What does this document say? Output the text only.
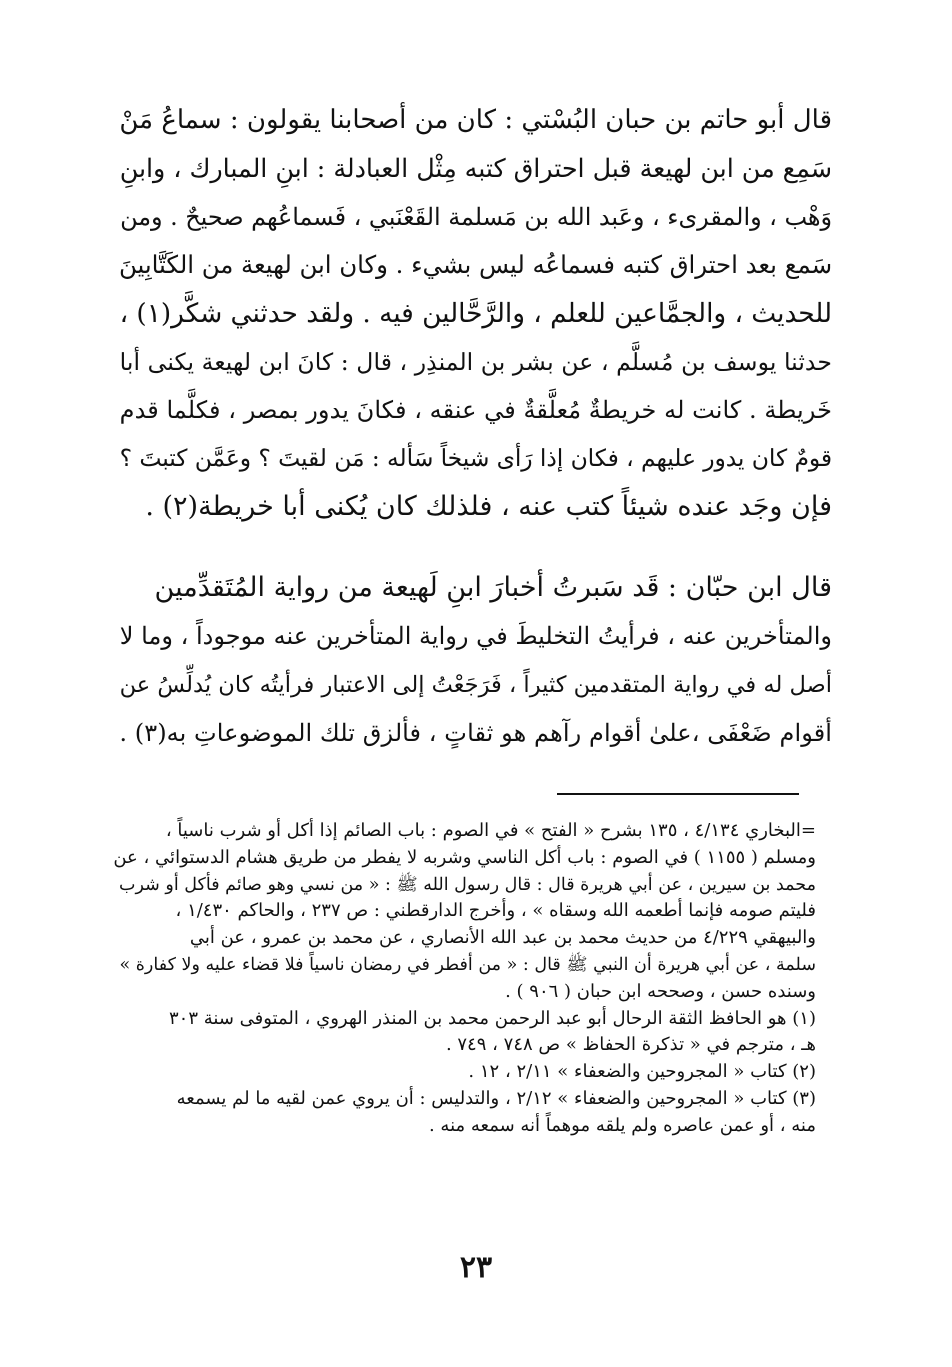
قال أبو حاتم بن حبان البُسْتي : كان من أصحابنا يقولون : سماعُ مَنْ
سَمِع من ابن لهيعة قبل احتراق كتبه مِثْل العبادلة : ابنِ المبارك ، وابنِ
وَهْب ، والمقرىء ، وعَبد الله بن مَسلمة القَعْنَبي ، فَسماعُهم صحيحٌ . ومن
سَمع بعد احتراق كتبه فسماعُه ليس بشيء . وكان ابن لهيعة من الكَتَّابِينَ
للحديث ، والجمَّاعين للعلم ، والرَّحَّالين فيه . ولقد حدثني شكَّر(١) ،
حدثنا يوسف بن مُسلَّم ، عن بشر بن المنذِر ، قال : كانَ ابن لهيعة يكنى أبا
خَريطة . كانت له خريطةٌ مُعلَّقةٌ في عنقه ، فكانَ يدور بمصر ، فكلَّما قدم
قومٌ كان يدور عليهم ، فكان إذا رَأى شيخاً سَأله : مَن لقيتَ ؟ وعَمَّن كتبتَ ؟
فإن وجَد عنده شيئاً كتب عنه ، فلذلك كان يُكنى أبا خريطة(٢) .
قال ابن حبّان : قَد سَبرتُ أخبارَ ابنِ لَهيعة من رواية المُتَقدِّمين
والمتأخرين عنه ، فرأيتُ التخليطَ في رواية المتأخرين عنه موجوداً ، وما لا
أصل له في رواية المتقدمين كثيراً ، فَرَجَعْتُ إلى الاعتبار فرأيتُه كان يُدلِّسُ عن
أقوام ضَعْفَى ،علىٰ أقوام رآهم هو ثقاتٍ ، فألزق تلك الموضوعاتِ به(٣) .
=البخاري ٤/١٣٤ ، ١٣٥ بشرح « الفتح » في الصوم : باب الصائم إذا أكل أو شرب ناسياً ،
ومسلم ( ١١٥٥ ) في الصوم : باب أكل الناسي وشربه لا يفطر من طريق هشام الدستوائي ، عن
محمد بن سيرين ، عن أبي هريرة قال : قال رسول الله ﷺ : « من نسي وهو صائم فأكل أو شرب
فليتم صومه فإنما أطعمه الله وسقاه » ، وأخرج الدارقطني : ص ٢٣٧ ، والحاكم ١/٤٣٠ ،
والبيهقي ٤/٢٢٩ من حديث محمد بن عبد الله الأنصاري ، عن محمد بن عمرو ، عن أبي
سلمة ، عن أبي هريرة أن النبي ﷺ قال : « من أفطر في رمضان ناسياً فلا قضاء عليه ولا كفارة »
وسنده حسن ، وصححه ابن حبان ( ٩٠٦ ) .
(١) هو الحافظ الثقة الرحال أبو عبد الرحمن محمد بن المنذر الهروي ، المتوفى سنة ٣٠٣
هـ ، مترجم في « تذكرة الحفاظ » ص ٧٤٨ ، ٧٤٩ .
(٢) كتاب « المجروحين والضعفاء » ٢/١١ ، ١٢ .
(٣) كتاب « المجروحين والضعفاء » ٢/١٢ ، والتدليس : أن يروي عمن لقيه ما لم يسمعه
منه ، أو عمن عاصره ولم يلقه موهماً أنه سمعه منه .
٢٣
